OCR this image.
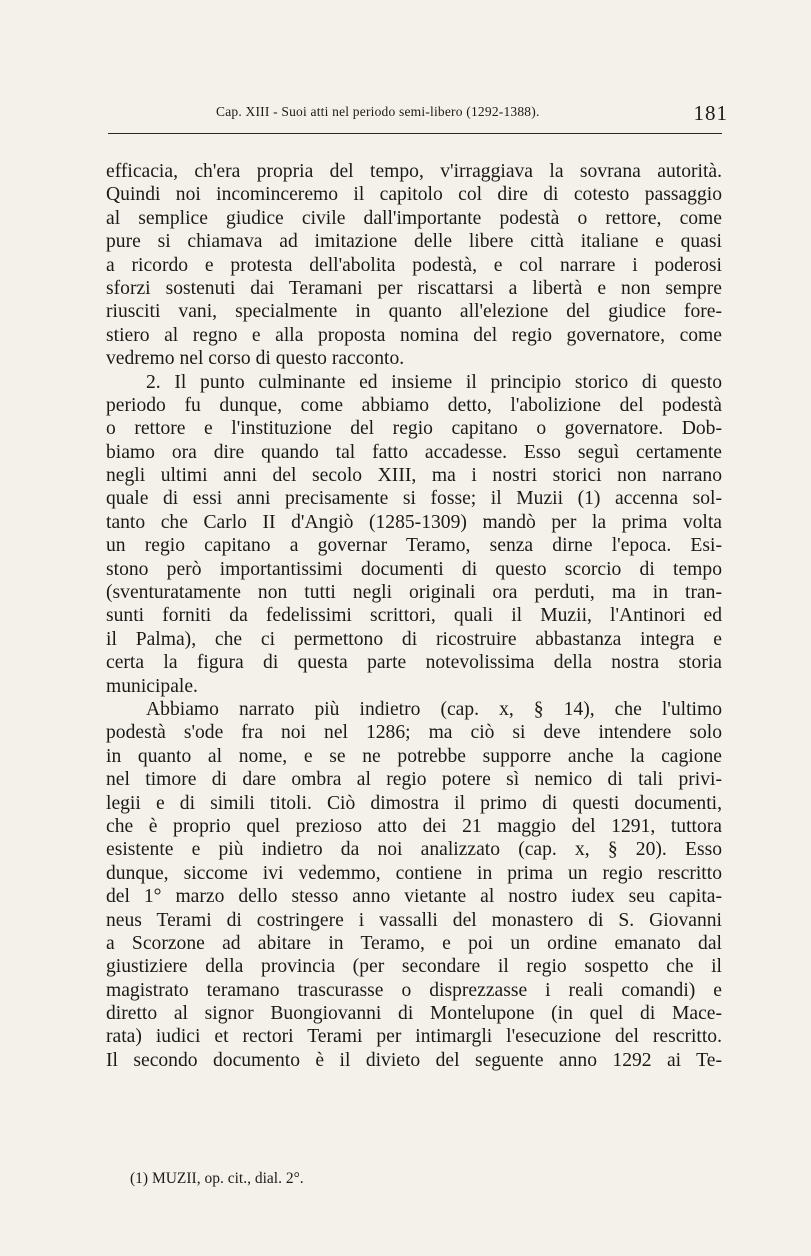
Cap. XIII - Suoi atti nel periodo semi-libero (1292-1388).	181
efficacia, ch'era propria del tempo, v'irraggiava la sovrana autorità.
Quindi noi incominceremo il capitolo col dire di cotesto passaggio
al semplice giudice civile dall'importante podestà o rettore, come
pure si chiamava ad imitazione delle libere città italiane e quasi
a ricordo e protesta dell'abolita podestà, e col narrare i poderosi
sforzi sostenuti dai Teramani per riscattarsi a libertà e non sempre
riusciti vani, specialmente in quanto all'elezione del giudice fore-
stiero al regno e alla proposta nomina del regio governatore, come
vedremo nel corso di questo racconto.
2. Il punto culminante ed insieme il principio storico di questo
periodo fu dunque, come abbiamo detto, l'abolizione del podestà
o rettore e l'instituzione del regio capitano o governatore. Dob-
biamo ora dire quando tal fatto accadesse. Esso seguì certamente
negli ultimi anni del secolo XIII, ma i nostri storici non narrano
quale di essi anni precisamente si fosse; il Muzii (1) accenna sol-
tanto che Carlo II d'Angiò (1285-1309) mandò per la prima volta
un regio capitano a governar Teramo, senza dirne l'epoca. Esi-
stono però importantissimi documenti di questo scorcio di tempo
(sventuratamente non tutti negli originali ora perduti, ma in tran-
sunti forniti da fedelissimi scrittori, quali il Muzii, l'Antinori ed
il Palma), che ci permettono di ricostruire abbastanza integra e
certa la figura di questa parte notevolissima della nostra storia
municipale.
Abbiamo narrato più indietro (cap. x, § 14), che l'ultimo
podestà s'ode fra noi nel 1286; ma ciò si deve intendere solo
in quanto al nome, e se ne potrebbe supporre anche la cagione
nel timore di dare ombra al regio potere sì nemico di tali privi-
legii e di simili titoli. Ciò dimostra il primo di questi documenti,
che è proprio quel prezioso atto dei 21 maggio del 1291, tuttora
esistente e più indietro da noi analizzato (cap. x, § 20). Esso
dunque, siccome ivi vedemmo, contiene in prima un regio rescritto
del 1° marzo dello stesso anno vietante al nostro iudex seu capita-
neus Terami di costringere i vassalli del monastero di S. Giovanni
a Scorzone ad abitare in Teramo, e poi un ordine emanato dal
giustiziere della provincia (per secondare il regio sospetto che il
magistrato teramano trascurasse o disprezzasse i reali comandi) e
diretto al signor Buongiovanni di Montelupone (in quel di Mace-
rata) iudici et rectori Terami per intimargli l'esecuzione del rescritto.
Il secondo documento è il divieto del seguente anno 1292 ai Te-
(1) MUZII, op. cit., dial. 2°.
